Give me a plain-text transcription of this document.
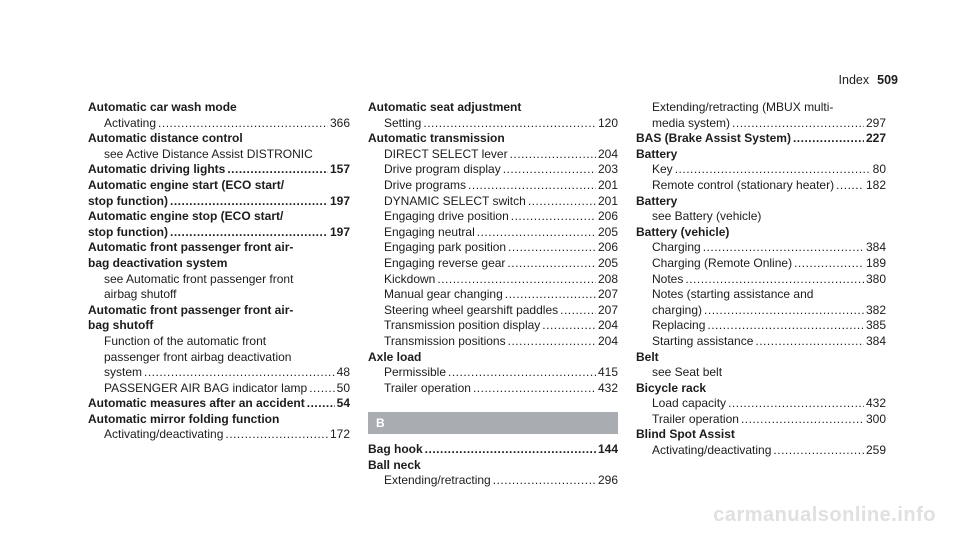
Index 509
Automatic car wash mode
Activating .....	366
Automatic distance control
see Active Distance Assist DISTRONIC
Automatic driving lights .....	157
Automatic engine start (ECO start/
stop function) .....	197
Automatic engine stop (ECO start/
stop function) .....	197
Automatic front passenger front air-
bag deactivation system
see Automatic front passenger front
airbag shutoff
Automatic front passenger front air-
bag shutoff
Function of the automatic front
passenger front airbag deactivation
system .....	48
PASSENGER AIR BAG indicator lamp ..... 50
Automatic measures after an accident .....	54
Automatic mirror folding function
Activating/deactivating .....	172
Automatic seat adjustment
Setting .....	120
Automatic transmission
DIRECT SELECT lever .....	204
Drive program display .....	203
Drive programs .....	201
DYNAMIC SELECT switch .....	201
Engaging drive position .....	206
Engaging neutral .....	205
Engaging park position .....	206
Engaging reverse gear .....	205
Kickdown .....	208
Manual gear changing .....	207
Steering wheel gearshift paddles .....	207
Transmission position display .....	204
Transmission positions .....	204
Axle load
Permissible .....	415
Trailer operation .....	432
B
Bag hook .....	144
Ball neck
Extending/retracting .....	296
Extending/retracting (MBUX multi-
media system) .....	297
BAS (Brake Assist System) .....	227
Battery
Key .....	80
Remote control (stationary heater) .....	182
Battery
see Battery (vehicle)
Battery (vehicle)
Charging .....	384
Charging (Remote Online) .....	189
Notes .....	380
Notes (starting assistance and
charging) .....	382
Replacing .....	385
Starting assistance .....	384
Belt
see Seat belt
Bicycle rack
Load capacity .....	432
Trailer operation .....	300
Blind Spot Assist
Activating/deactivating .....	259
carmanualsonline.info
